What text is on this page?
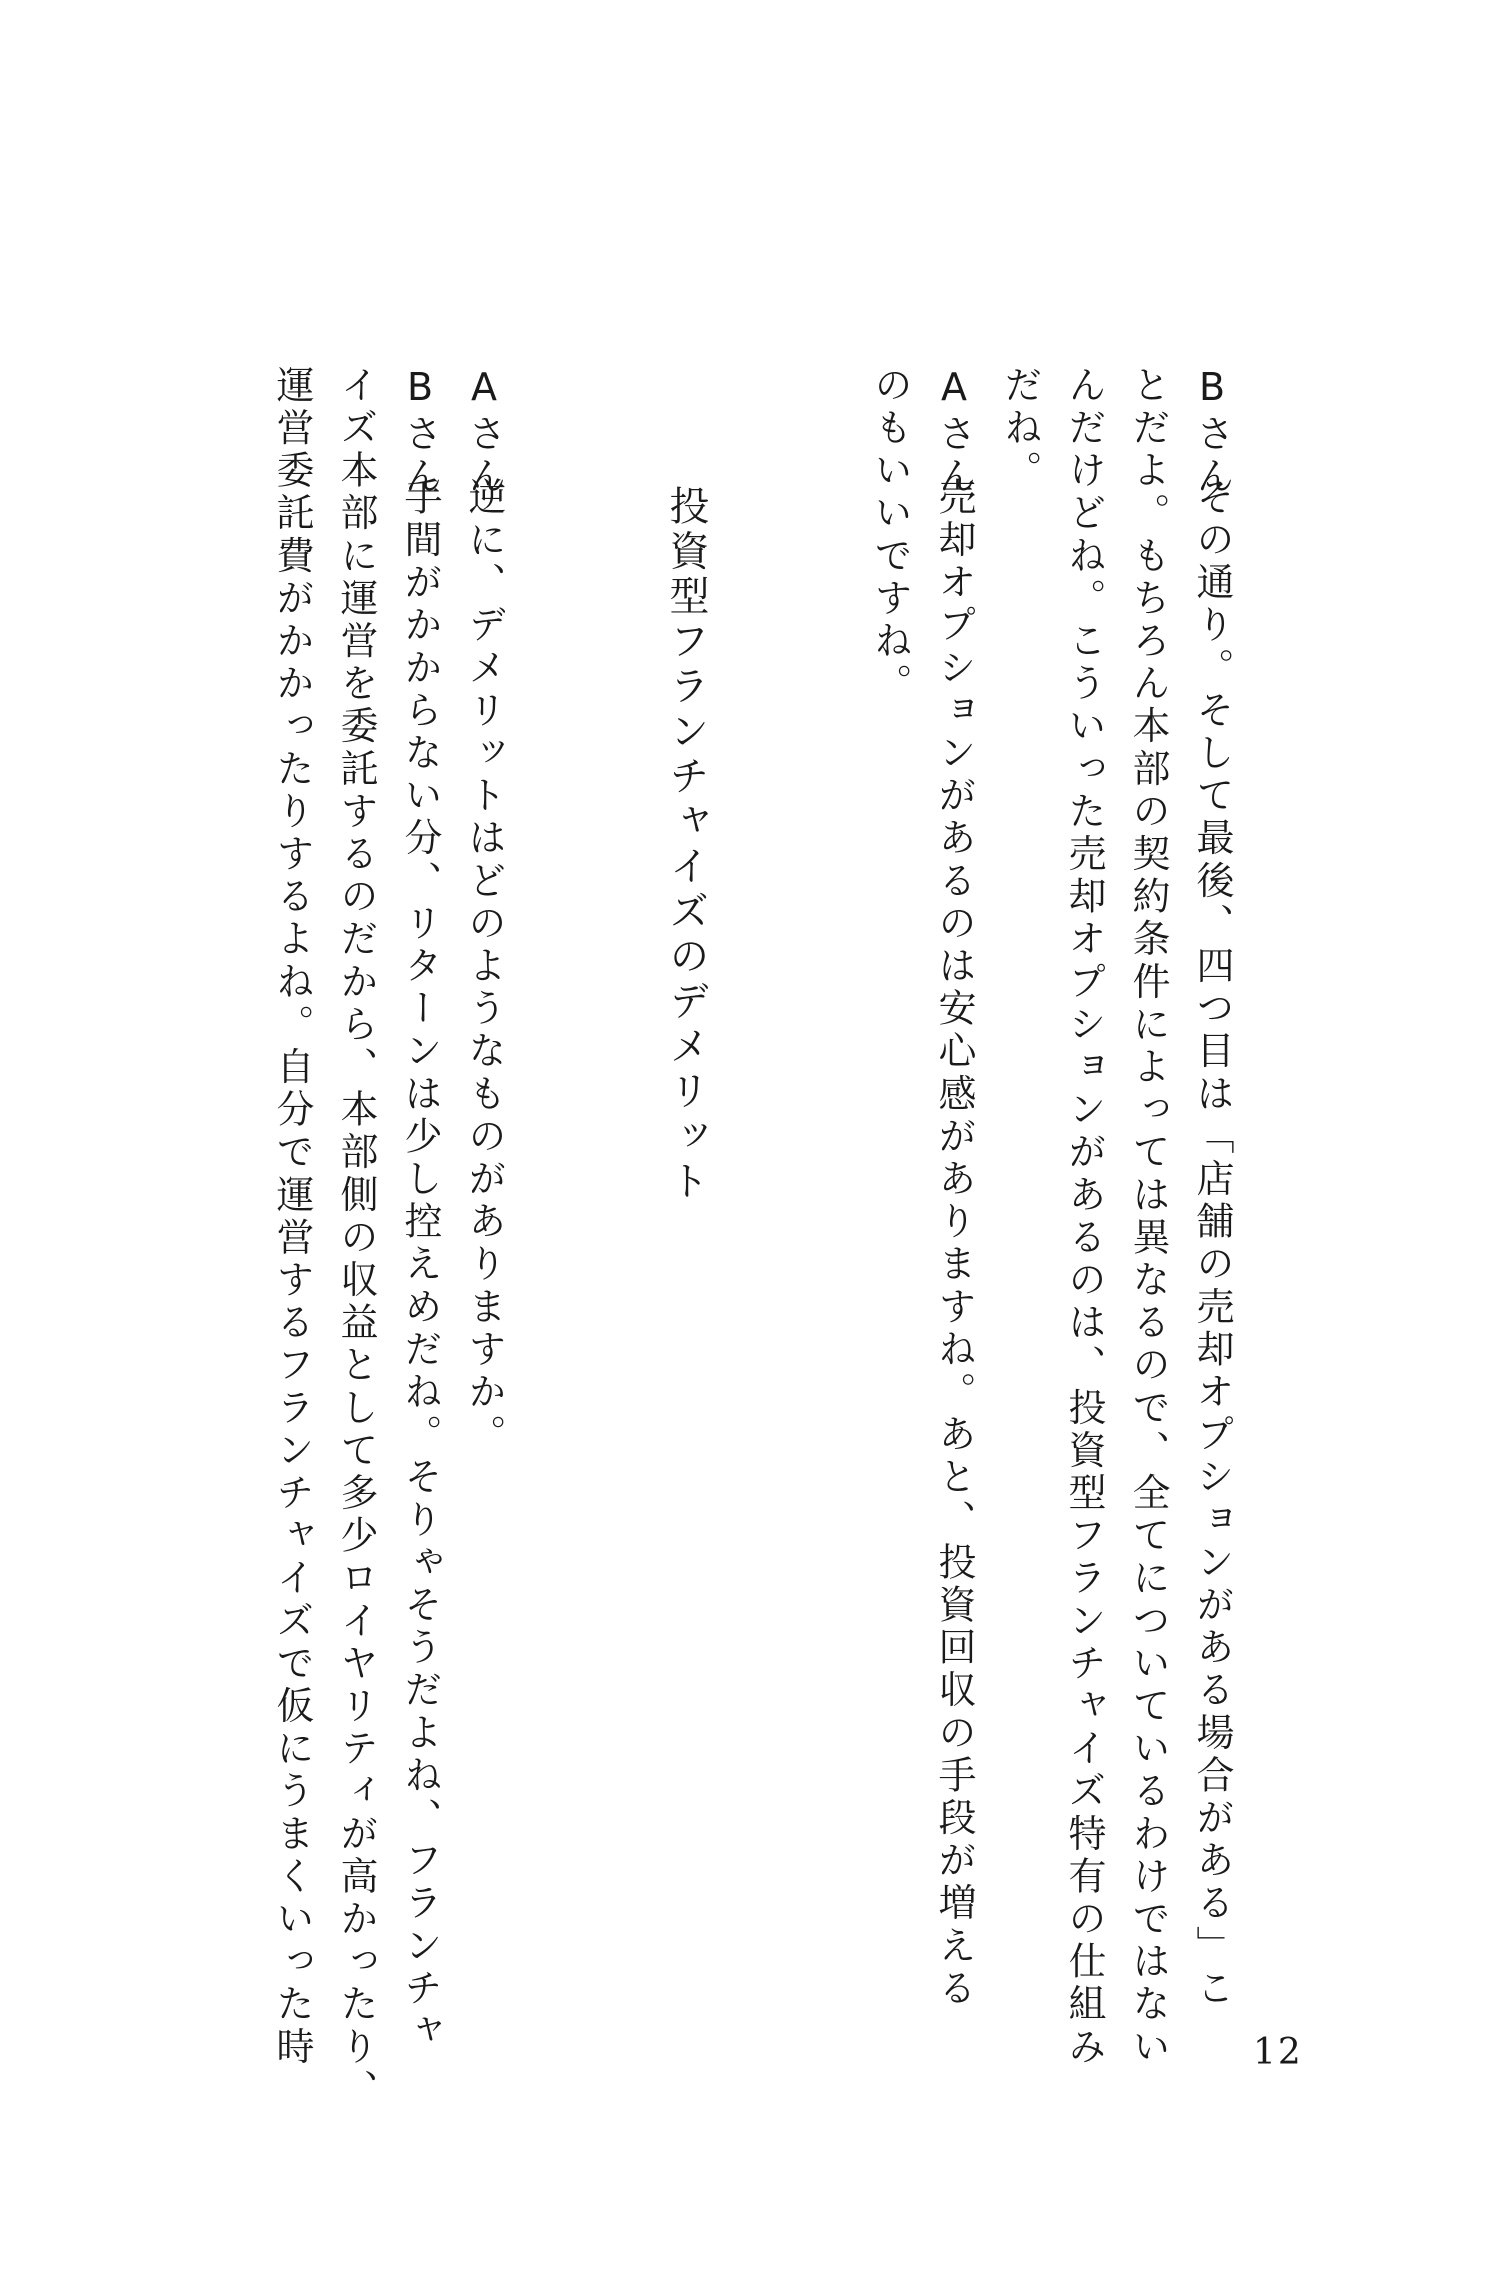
Bさんその通り。そして最後、四つ目は「店舗の売却オプションがある場合がある」こ
とだよ。もちろん本部の契約条件によっては異なるので、全てについているわけではない
んだけどね。こういった売却オプションがあるのは、投資型フランチャイズ特有の仕組み
だね。
Aさん売却オプションがあるのは安心感がありますね。あと、投資回収の手段が増える
のもいいですね。
投資型フランチャイズのデメリット
Aさん逆に、デメリットはどのようなものがありますか。
Bさん手間がかからない分、リターンは少し控えめだね。そりゃそうだよね、フランチャ
イズ本部に運営を委託するのだから、本部側の収益として多少ロイヤリティが高かったり、
運営委託費がかかったりするよね。自分で運営するフランチャイズで仮にうまくいった時	12
